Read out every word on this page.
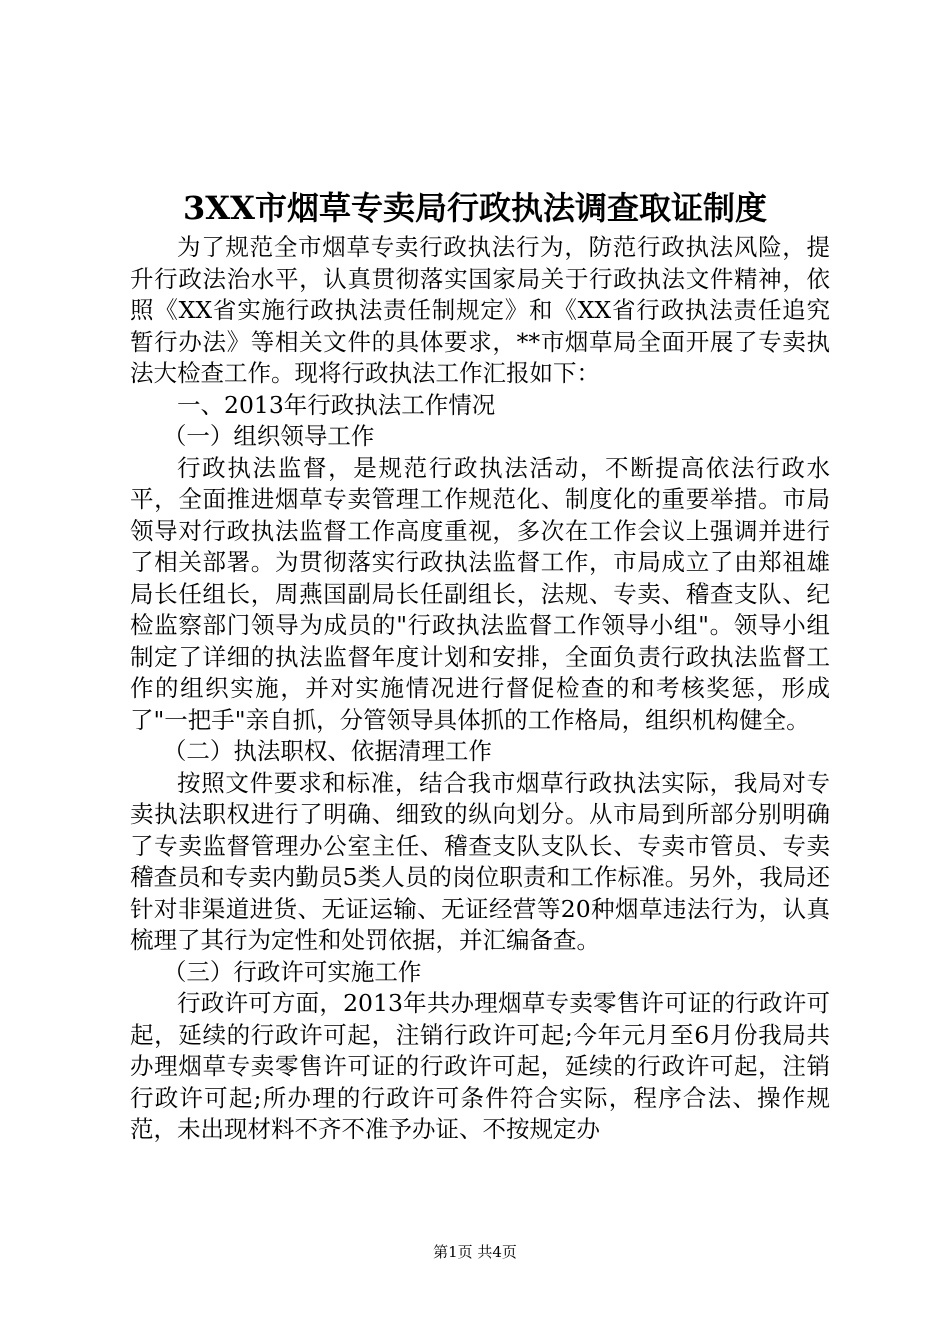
3XX市烟草专卖局行政执法调查取证制度

为了规范全市烟草专卖行政执法行为，防范行政执法风险，提升行政法治水平，认真贯彻落实国家局关于行政执法文件精神，依照《XX省实施行政执法责任制规定》和《XX省行政执法责任追究暂行办法》等相关文件的具体要求，**市烟草局全面开展了专卖执法大检查工作。现将行政执法工作汇报如下：

一、2013年行政执法工作情况

（一）组织领导工作

行政执法监督，是规范行政执法活动，不断提高依法行政水平，全面推进烟草专卖管理工作规范化、制度化的重要举措。市局领导对行政执法监督工作高度重视，多次在工作会议上强调并进行了相关部署。为贯彻落实行政执法监督工作，市局成立了由郑祖雄局长任组长，周燕国副局长任副组长，法规、专卖、稽查支队、纪检监察部门领导为成员的"行政执法监督工作领导小组"。领导小组制定了详细的执法监督年度计划和安排，全面负责行政执法监督工作的组织实施，并对实施情况进行督促检查的和考核奖惩，形成了"一把手"亲自抓，分管领导具体抓的工作格局，组织机构健全。

（二）执法职权、依据清理工作

按照文件要求和标准，结合我市烟草行政执法实际，我局对专卖执法职权进行了明确、细致的纵向划分。从市局到所部分别明确了专卖监督管理办公室主任、稽查支队支队长、专卖市管员、专卖稽查员和专卖内勤员5类人员的岗位职责和工作标准。另外，我局还针对非渠道进货、无证运输、无证经营等20种烟草违法行为，认真梳理了其行为定性和处罚依据，并汇编备查。

（三）行政许可实施工作

行政许可方面，2013年共办理烟草专卖零售许可证的行政许可起，延续的行政许可起，注销行政许可起;今年元月至6月份我局共办理烟草专卖零售许可证的行政许可起，延续的行政许可起，注销行政许可起;所办理的行政许可条件符合实际，程序合法、操作规范，未出现材料不齐不准予办证、不按规定办

第1页 共4页
